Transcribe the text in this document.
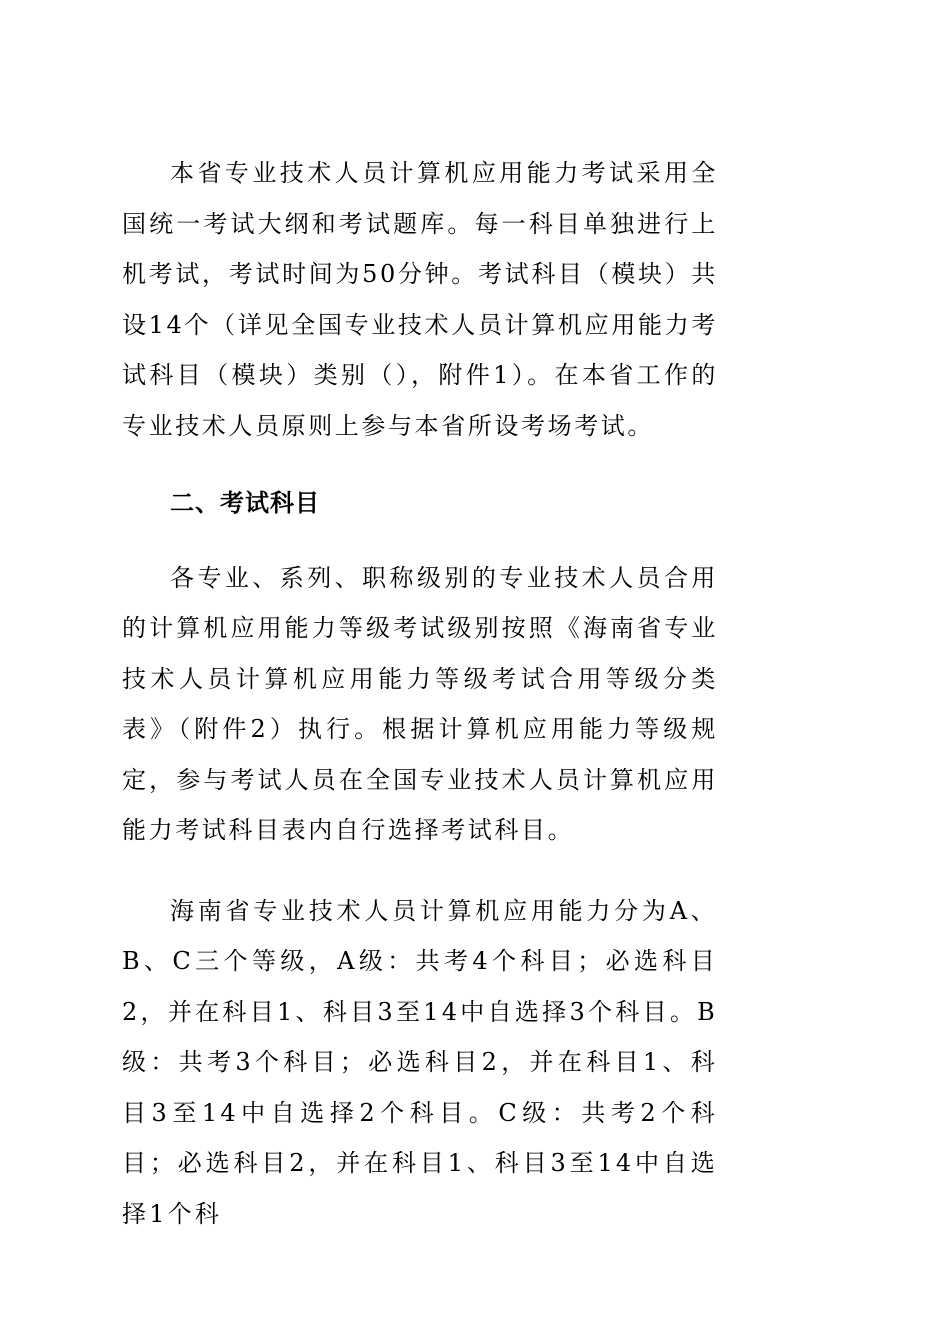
本省专业技术人员计算机应用能力考试采用全国统一考试大纲和考试题库。每一科目单独进行上机考试，考试时间为50分钟。考试科目（模块）共设14个（详见全国专业技术人员计算机应用能力考试科目（模块）类别（），附件1）。在本省工作的专业技术人员原则上参与本省所设考场考试。

二、考试科目

各专业、系列、职称级别的专业技术人员合用的计算机应用能力等级考试级别按照《海南省专业技术人员计算机应用能力等级考试合用等级分类表》（附件2）执行。根据计算机应用能力等级规定，参与考试人员在全国专业技术人员计算机应用能力考试科目表内自行选择考试科目。

海南省专业技术人员计算机应用能力分为A、B、C三个等级，A级：共考4个科目；必选科目2，并在科目1、科目3至14中自选择3个科目。B级：共考3个科目；必选科目2，并在科目1、科目3至14中自选择2个科目。C级：共考2个科目；必选科目2，并在科目1、科目3至14中自选择1个科
